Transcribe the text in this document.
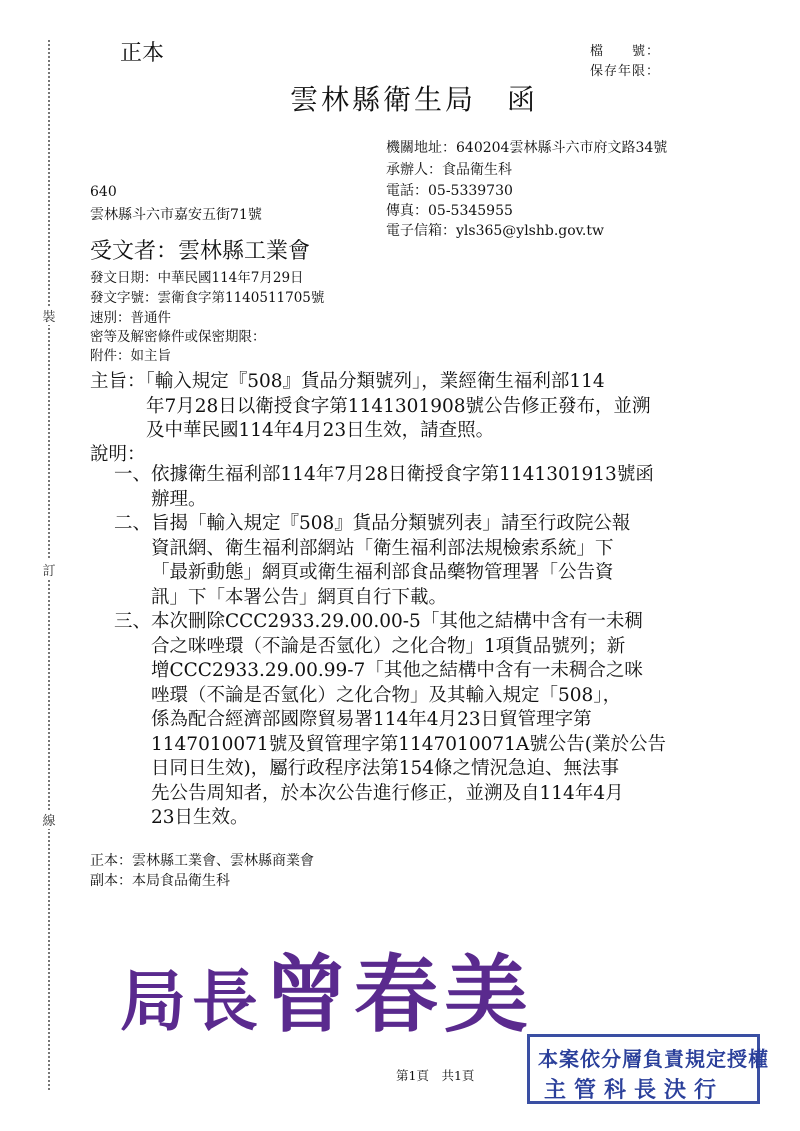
裝
訂
線
正本	檔　　號：
保存年限：
雲林縣衛生局　函
機關地址：640204雲林縣斗六市府文路34號
承辦人：食品衛生科
電話：05-5339730
傳真：05-5345955
電子信箱：yls365@ylshb.gov.tw
640
雲林縣斗六市嘉安五街71號
受文者：雲林縣工業會
發文日期：中華民國114年7月29日
發文字號：雲衛食字第1140511705號
速別：普通件
密等及解密條件或保密期限：
附件：如主旨
主旨：「輸入規定『508』貨品分類號列」，業經衛生福利部114
年7月28日以衛授食字第1141301908號公告修正發布，並溯
及中華民國114年4月23日生效，請查照。
說明：
一、依據衛生福利部114年7月28日衛授食字第1141301913號函
辦理。
二、旨揭「輸入規定『508』貨品分類號列表」請至行政院公報
資訊網、衛生福利部網站「衛生福利部法規檢索系統」下
「最新動態」網頁或衛生福利部食品藥物管理署「公告資
訊」下「本署公告」網頁自行下載。
三、本次刪除CCC2933.29.00.00-5「其他之結構中含有一未稠
合之咪唑環（不論是否氫化）之化合物」1項貨品號列；新
增CCC2933.29.00.99-7「其他之結構中含有一未稠合之咪
唑環（不論是否氫化）之化合物」及其輸入規定「508」，
係為配合經濟部國際貿易署114年4月23日貿管理字第
1147010071號及貿管理字第1147010071A號公告(業於公告
日同日生效)，屬行政程序法第154條之情況急迫、無法事
先公告周知者，於本次公告進行修正，並溯及自114年4月
23日生效。
正本：雲林縣工業會、雲林縣商業會
副本：本局食品衛生科
局長曾春美
第1頁　共1頁
本案依分層負責規定授權
主管科長決行
